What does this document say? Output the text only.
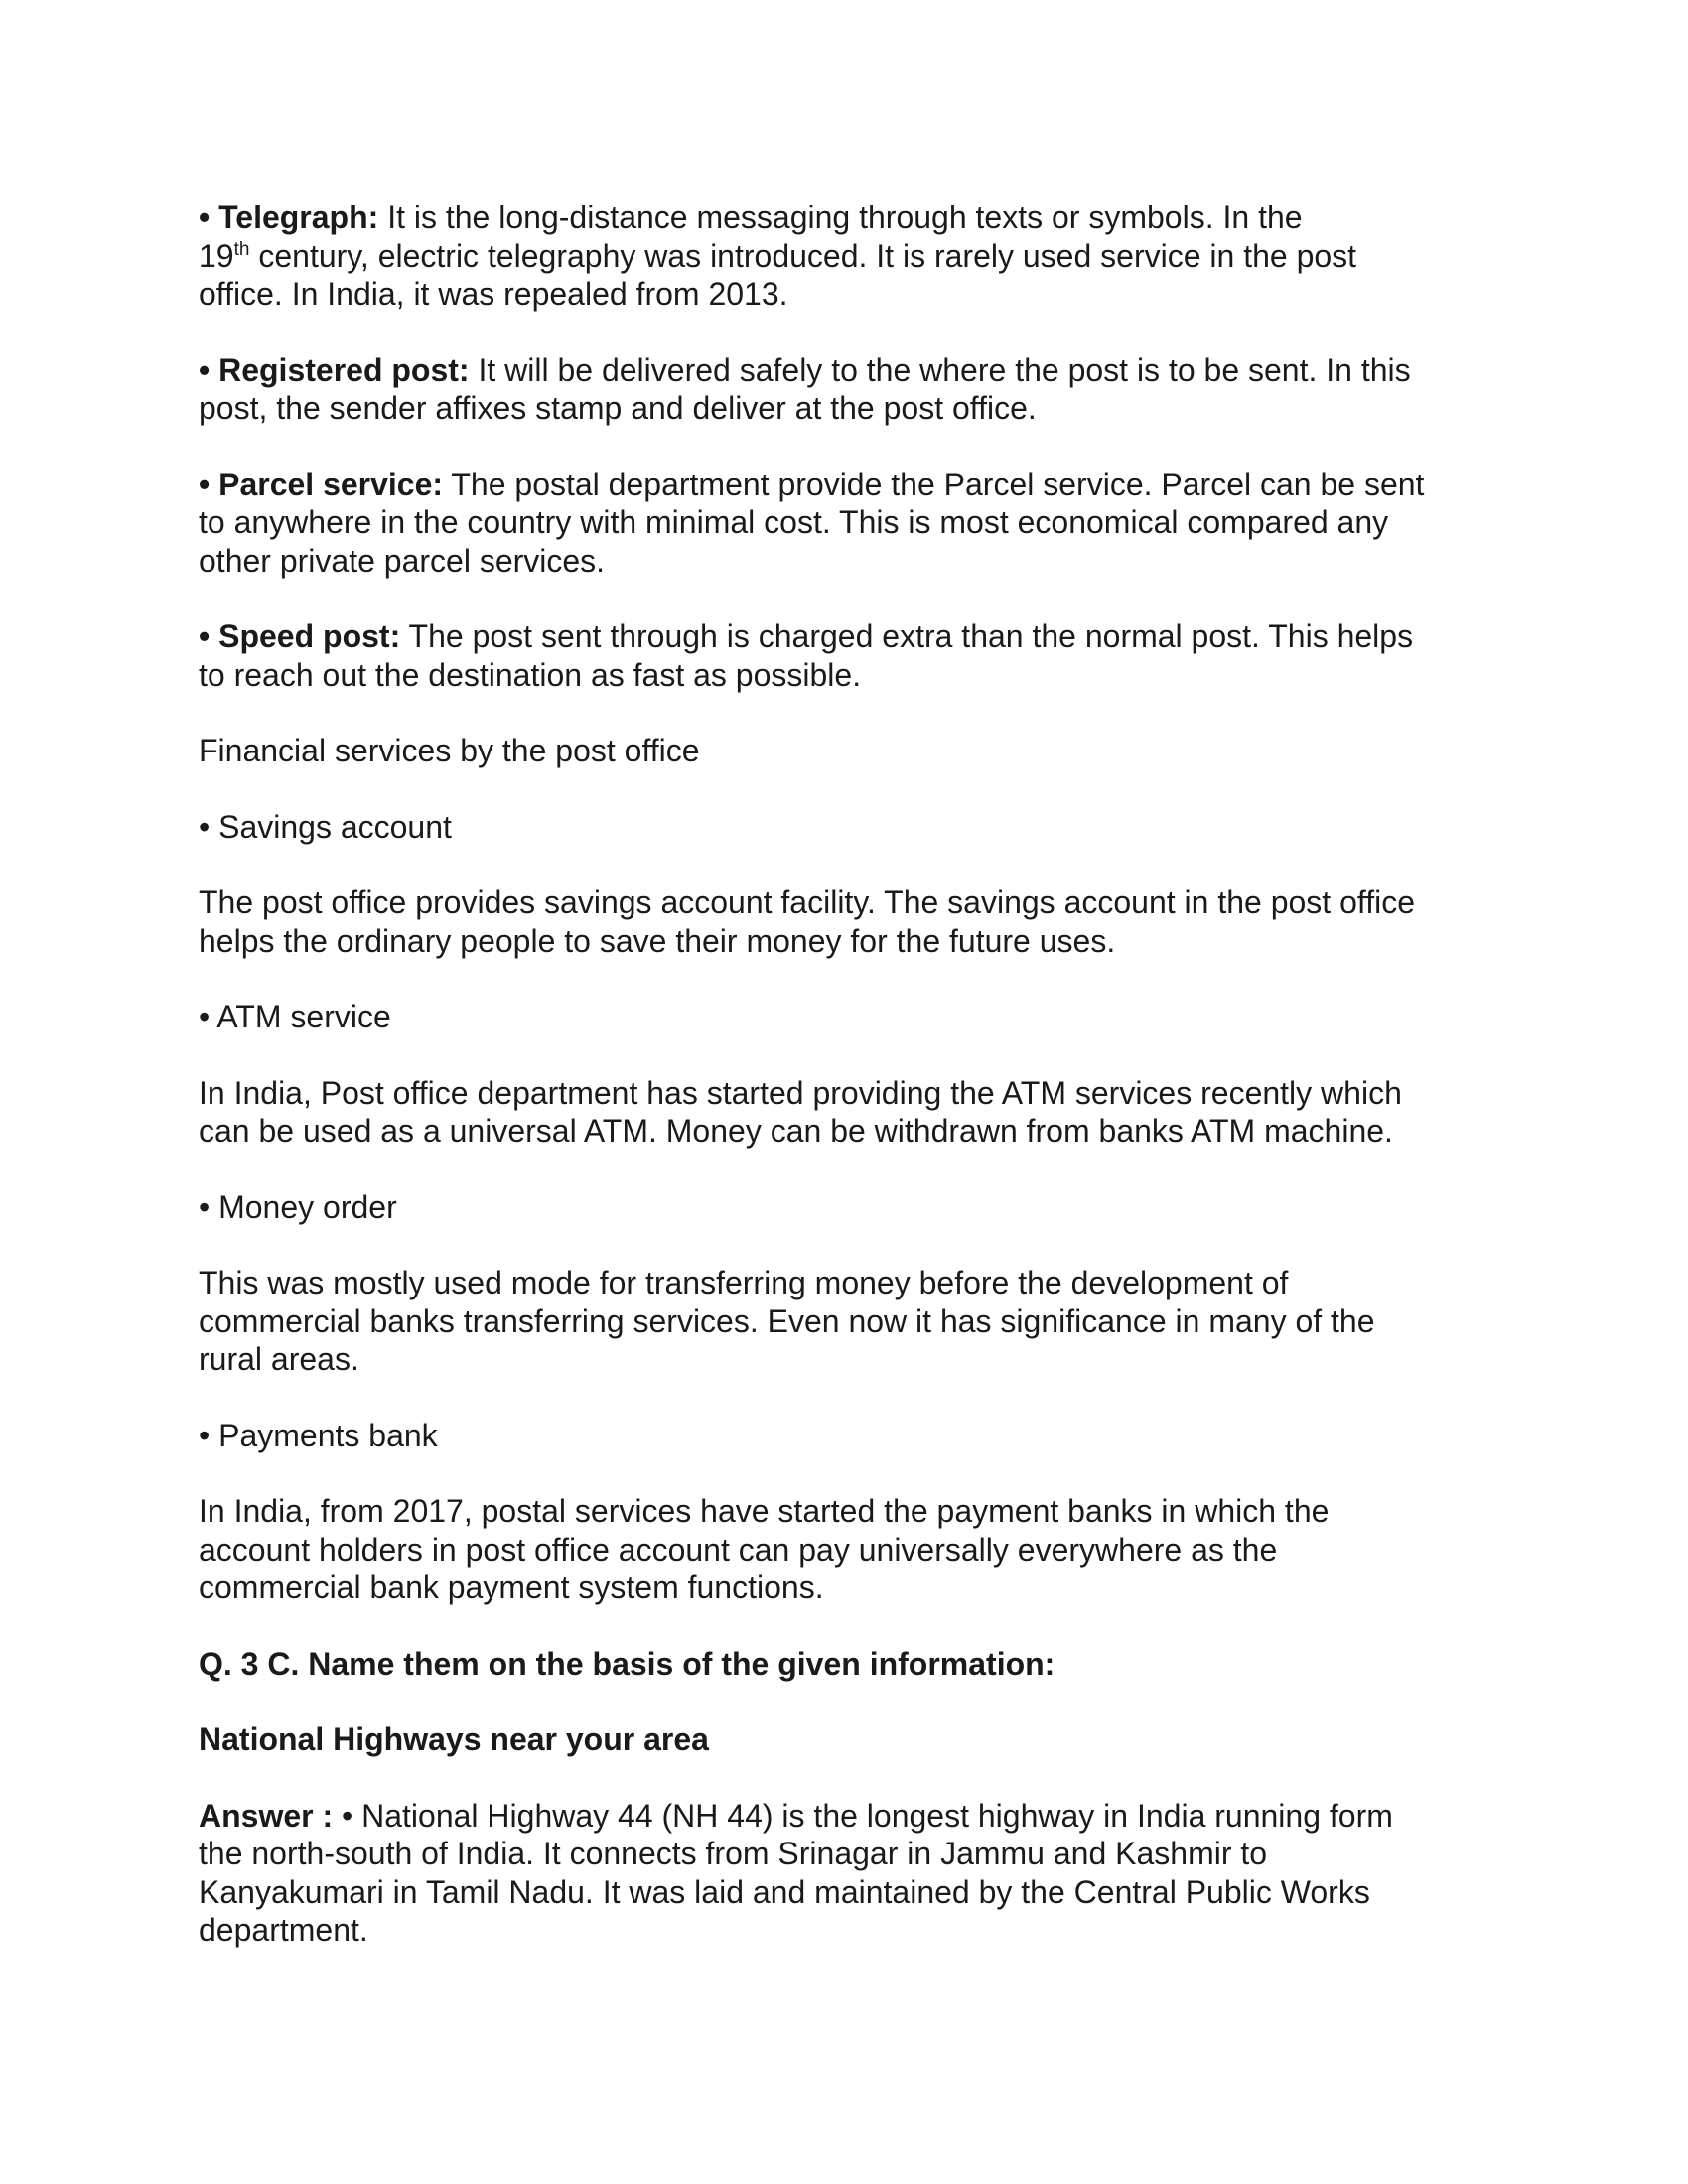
• Telegraph: It is the long-distance messaging through texts or symbols. In the
19th century, electric telegraphy was introduced. It is rarely used service in the post
office. In India, it was repealed from 2013.
• Registered post: It will be delivered safely to the where the post is to be sent. In this
post, the sender affixes stamp and deliver at the post office.
• Parcel service: The postal department provide the Parcel service. Parcel can be sent
to anywhere in the country with minimal cost. This is most economical compared any
other private parcel services.
• Speed post: The post sent through is charged extra than the normal post. This helps
to reach out the destination as fast as possible.
Financial services by the post office
• Savings account
The post office provides savings account facility. The savings account in the post office
helps the ordinary people to save their money for the future uses.
• ATM service
In India, Post office department has started providing the ATM services recently which
can be used as a universal ATM. Money can be withdrawn from banks ATM machine.
• Money order
This was mostly used mode for transferring money before the development of
commercial banks transferring services. Even now it has significance in many of the
rural areas.
• Payments bank
In India, from 2017, postal services have started the payment banks in which the
account holders in post office account can pay universally everywhere as the
commercial bank payment system functions.
Q. 3 C. Name them on the basis of the given information:
National Highways near your area
Answer : • National Highway 44 (NH 44) is the longest highway in India running form
the north-south of India. It connects from Srinagar in Jammu and Kashmir to
Kanyakumari in Tamil Nadu. It was laid and maintained by the Central Public Works
department.
